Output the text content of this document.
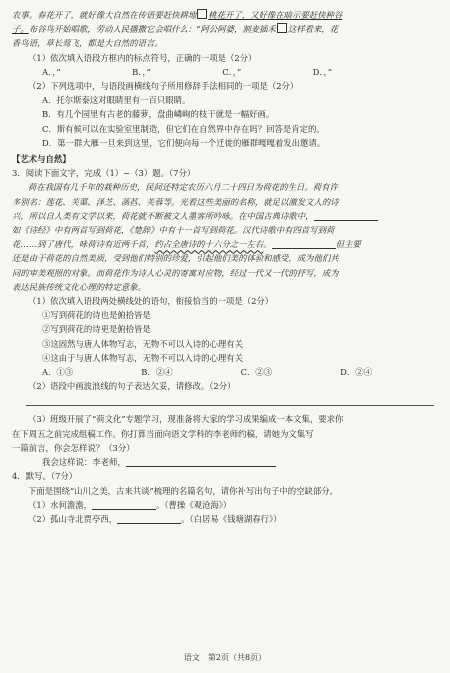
农事。春花开了，就好像大自然在传语要赶快耕地 桃花开了，又好像在暗示要赶快种谷
子。布谷鸟开始唱歌，劳动人民播撒它会唱什么：“阿公阿婆，割麦插禾 这样看来，花
香鸟语，草长莺飞，都是大自然的语言。
（1）依次填入语段方框内的标点符号，正确的一项是（2分）
A．，”	B．，”	C．，”	D．，”
（2）下列选项中，与语段画横线句子所用修辞手法相同的一项是（2分）
A．托尔斯泰这对眼睛里有一百只眼睛。
B．有几个园里有古老的藤萝，盘曲嶙峋的枝干就是一幅好画。
C．斯有候可以在实验室里制造，但它们在自然界中存在吗？回答是肯定的。
D．第一群大雁一旦来到这里，它们便向每一个迁徙的雁群嘎嘎着发出邀请。
【艺术与自然】
3．阅读下面文字，完成（1）~（3）题。（7分）
荷在我国有几千年的栽种历史，民间还特定农历六月二十四日为荷花的生日。荷有许
多别名：莲花、芙蕖、泽芝、菡萏、芙蓉等。光看这些美丽的名称，就足以激发文人的诗
兴，所以自人类有文学以来，荷花就不断被文人墨客所吟咏。在中国古典诗歌中，
如《诗经》中有两首写到荷花，《楚辞》中有十一首写到荷花。汉代诗歌中有四首写到荷
花……到了唐代，咏荷诗有近两千首，约占全唐诗的十六分之一左右。	但主要
还是由于荷花的自然美质，受到他们特别的珍爱，引起他们美的体验和感受，成为他们共
同的审美观照的对象。而荷花作为诗人心灵的寄寓对应物，经过一代又一代的抒写，成为
表达民族传统文化心理的特定意象。
（1）依次填入语段两处横线处的语句，衔接恰当的一项是（2分）
①写到荷花的诗也是俯拾皆是
②写到荷花的诗更是俯拾皆是
③这固然与唐人体物写志，无物不可以入诗的心理有关
④这由于与唐人体物写志，无物不可以入诗的心理有关
A．①③	B．②④	C．②③	D．②④
（2）语段中画波浪线的句子表达欠妥，请修改。（2分）
（3）班级开展了“荷文化”专题学习，现准备将大家的学习成果编成一本文集，要求你
在下周五之前完成组稿工作。你打算当面向语文学科的李老师约稿，请她为文集写
一篇前言，你会怎样说？（3分）
我会这样说：李老师，
4．默写。（7分）
下面是围绕“山川之美，古来共谈”梳理的名篇名句，请你补写出句子中的空缺部分。
（1）水何澹澹，	。（曹操《观沧海》）
（2）孤山寺北贾亭西，	。（白居易《钱塘湖春行》）
语文　第2页（共8页）
